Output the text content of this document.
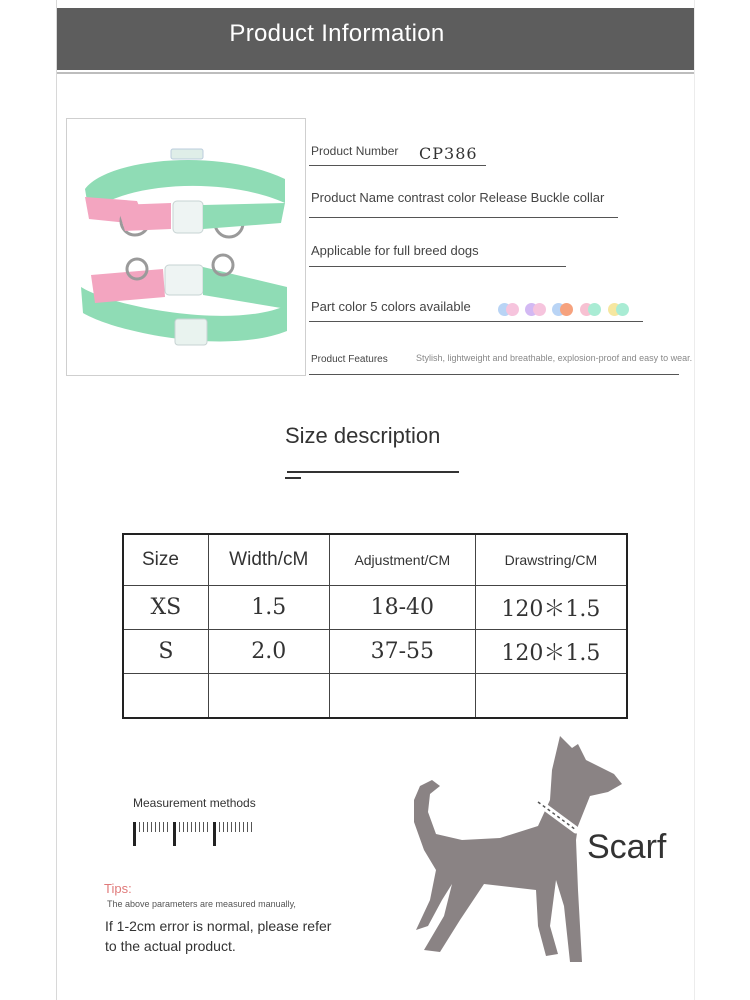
Product Information
Product Number CP386
Product Name contrast color Release Buckle collar
Applicable for full breed dogs
Part color 5 colors available
Product Features	Stylish, lightweight and breathable, explosion-proof and easy to wear.
Size description
Size	Width/cM	Adjustment/CM	Drawstring/CM
XS	1.5	18-40	120＊1.5
S	2.0	37-55	120＊1.5

Measurement methods
Tips:
The above parameters are measured manually,
If 1-2cm error is normal, please refer to the actual product.
Scarf
